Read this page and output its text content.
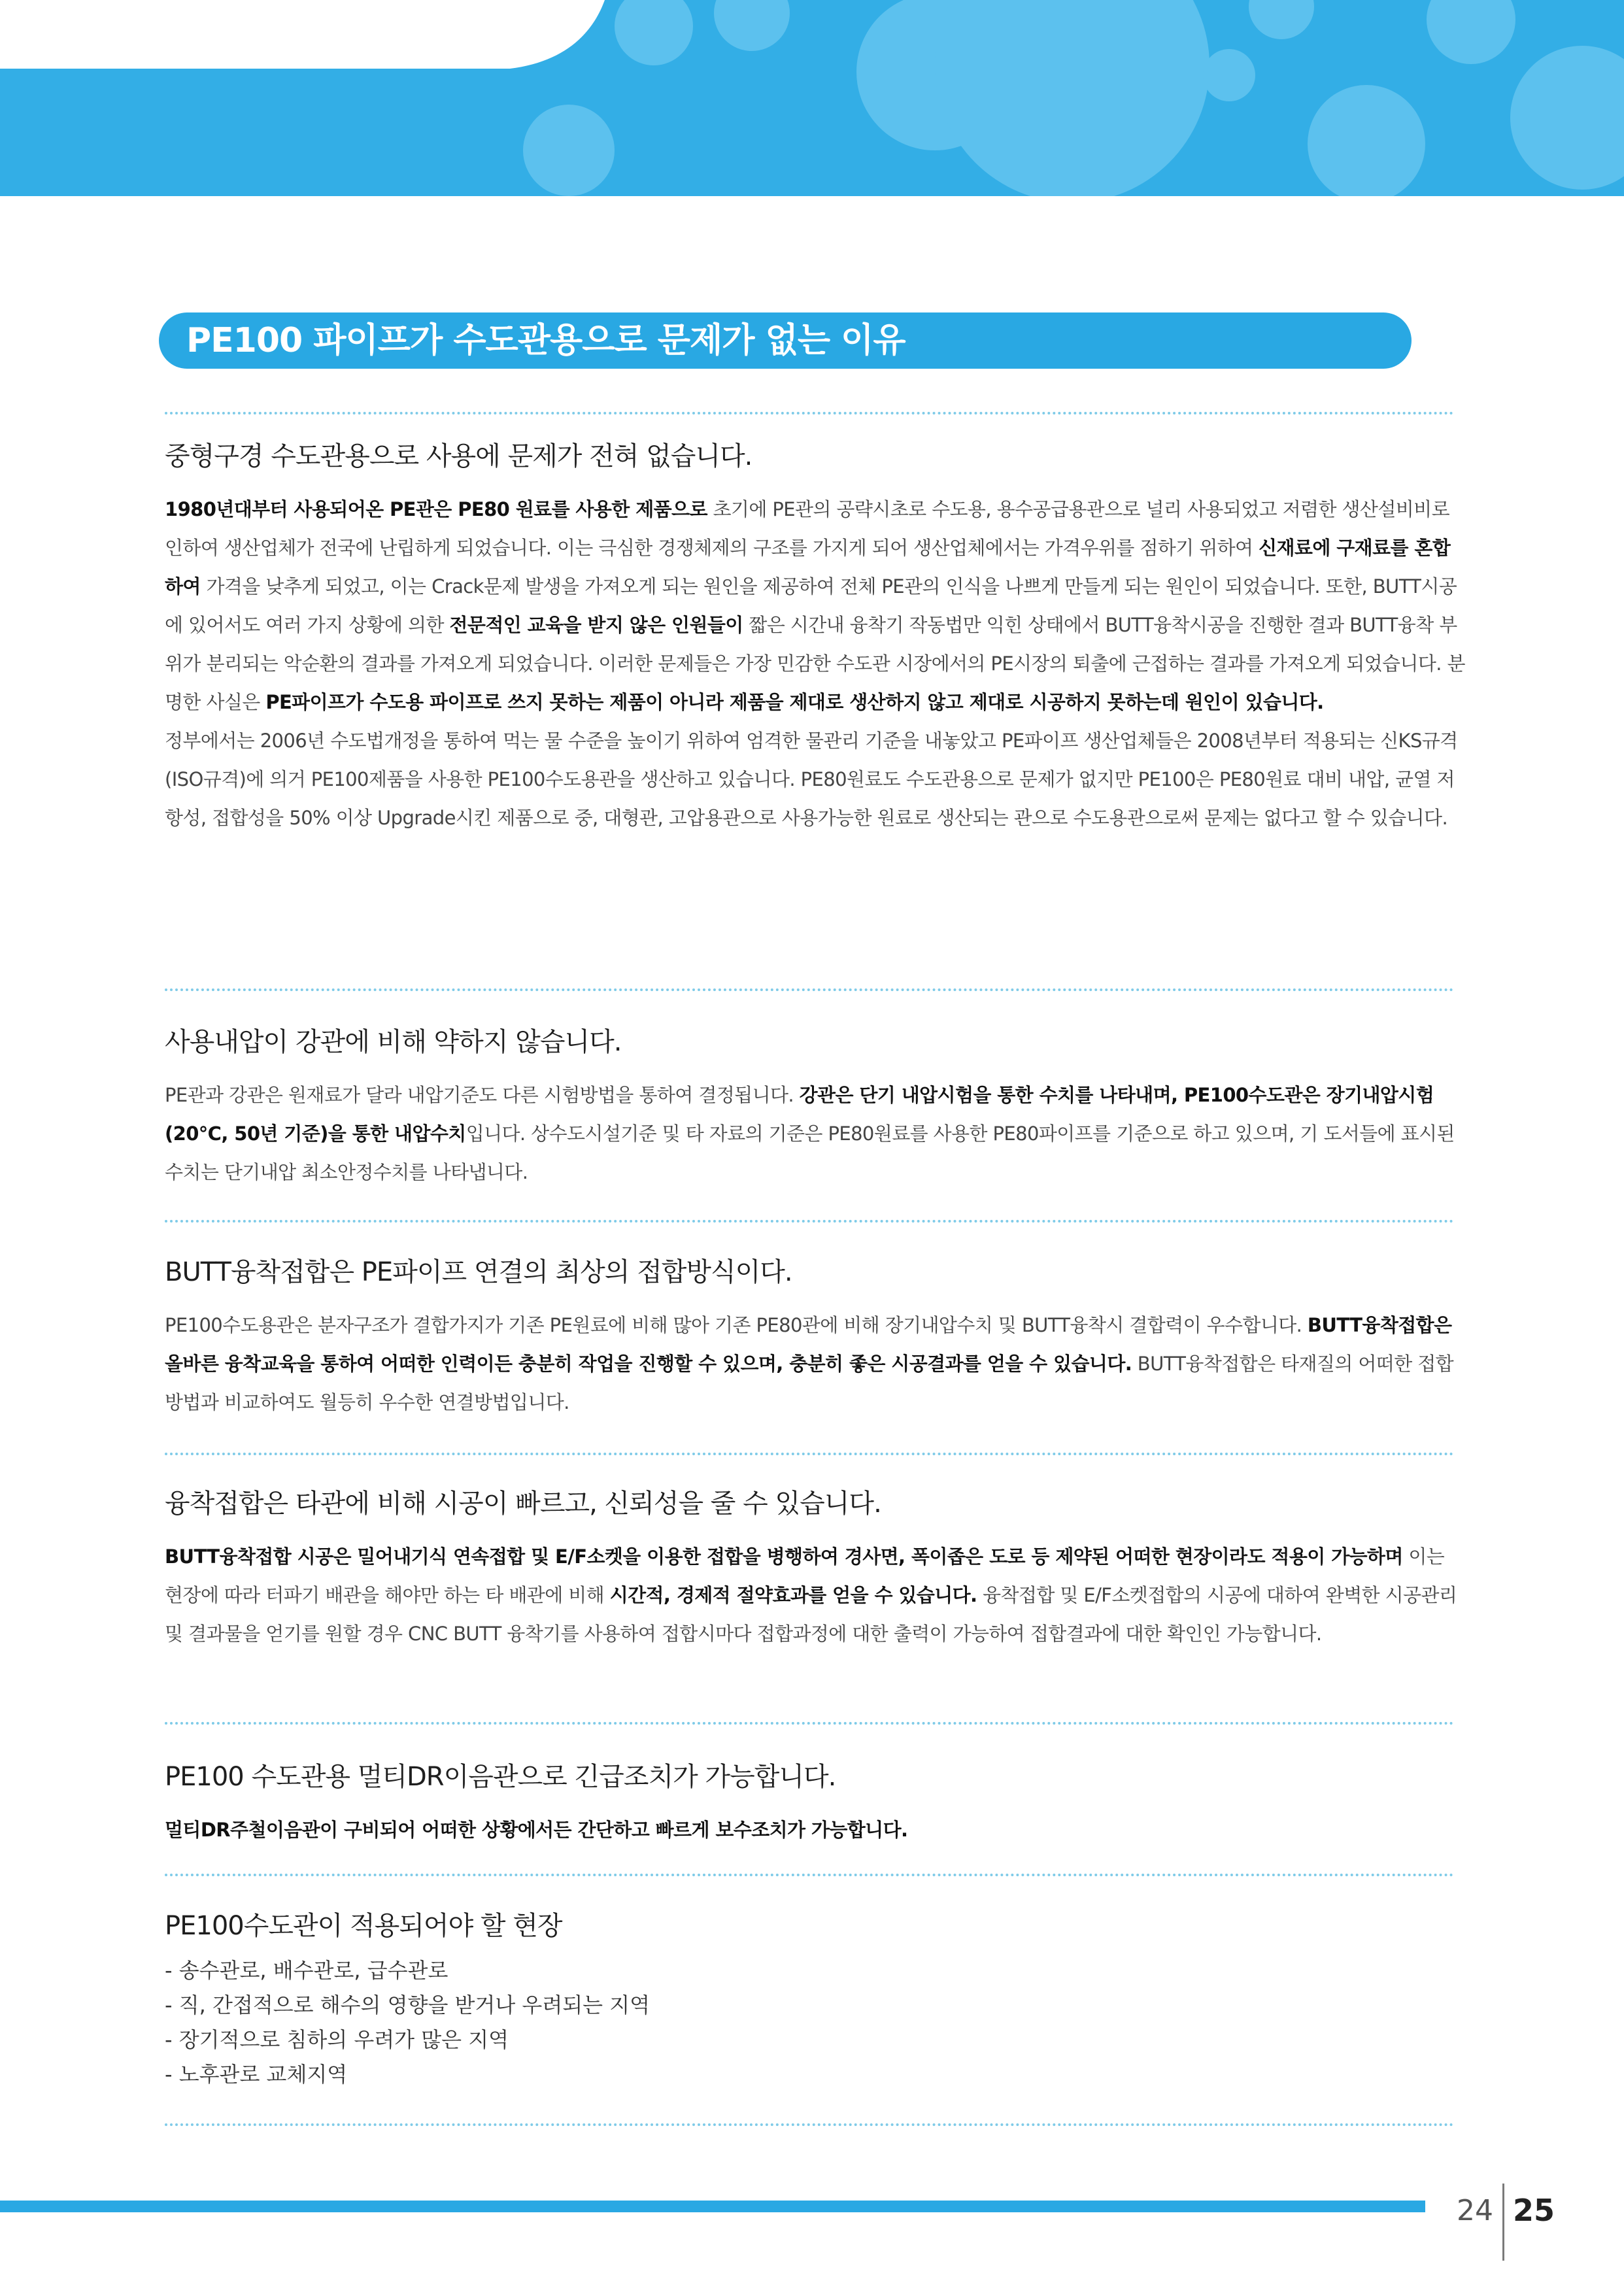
PE100 파이프가 수도관용으로 문제가 없는 이유
중형구경 수도관용으로 사용에 문제가 전혀 없습니다.

1980년대부터 사용되어온 PE관은 PE80 원료를 사용한 제품으로 초기에 PE관의 공략시초로 수도용, 용수공급용관으로 널리 사용되었고 저렴한 생산설비비로 인하여 생산업체가 전국에 난립하게 되었습니다. 이는 극심한 경쟁체제의 구조를 가지게 되어 생산업체에서는 가격우위를 점하기 위하여 신재료에 구재료를 혼합하여 가격을 낮추게 되었고, 이는 Crack문제 발생을 가져오게 되는 원인을 제공하여 전체 PE관의 인식을 나쁘게 만들게 되는 원인이 되었습니다. 또한, BUTT시공에 있어서도 여러 가지 상황에 의한 전문적인 교육을 받지 않은 인원들이 짧은 시간내 융착기 작동법만 익힌 상태에서 BUTT융착시공을 진행한 결과 BUTT융착 부위가 분리되는 악순환의 결과를 가져오게 되었습니다. 이러한 문제들은 가장 민감한 수도관 시장에서의 PE시장의 퇴출에 근접하는 결과를 가져오게 되었습니다. 분명한 사실은 PE파이프가 수도용 파이프로 쓰지 못하는 제품이 아니라 제품을 제대로 생산하지 않고 제대로 시공하지 못하는데 원인이 있습니다.

정부에서는 2006년 수도법개정을 통하여 먹는 물 수준을 높이기 위하여 엄격한 물관리 기준을 내놓았고 PE파이프 생산업체들은 2008년부터 적용되는 신KS규격(ISO규격)에 의거 PE100제품을 사용한 PE100수도용관을 생산하고 있습니다. PE80원료도 수도관용으로 문제가 없지만 PE100은 PE80원료 대비 내압, 균열 저항성, 접합성을 50% 이상 Upgrade시킨 제품으로 중, 대형관, 고압용관으로 사용가능한 원료로 생산되는 관으로 수도용관으로써 문제는 없다고 할 수 있습니다.

사용내압이 강관에 비해 약하지 않습니다.

PE관과 강관은 원재료가 달라 내압기준도 다른 시험방법을 통하여 결정됩니다. 강관은 단기 내압시험을 통한 수치를 나타내며, PE100수도관은 장기내압시험(20℃, 50년 기준)을 통한 내압수치입니다. 상수도시설기준 및 타 자료의 기준은 PE80원료를 사용한 PE80파이프를 기준으로 하고 있으며, 기 도서들에 표시된 수치는 단기내압 최소안정수치를 나타냅니다.

BUTT융착접합은 PE파이프 연결의 최상의 접합방식이다.

PE100수도용관은 분자구조가 결합가지가 기존 PE원료에 비해 많아 기존 PE80관에 비해 장기내압수치 및 BUTT융착시 결합력이 우수합니다. BUTT융착접합은 올바른 융착교육을 통하여 어떠한 인력이든 충분히 작업을 진행할 수 있으며, 충분히 좋은 시공결과를 얻을 수 있습니다. BUTT융착접합은 타재질의 어떠한 접합방법과 비교하여도 월등히 우수한 연결방법입니다.

융착접합은 타관에 비해 시공이 빠르고, 신뢰성을 줄 수 있습니다.

BUTT융착접합 시공은 밀어내기식 연속접합 및 E/F소켓을 이용한 접합을 병행하여 경사면, 폭이좁은 도로 등 제약된 어떠한 현장이라도 적용이 가능하며 이는 현장에 따라 터파기 배관을 해야만 하는 타 배관에 비해 시간적, 경제적 절약효과를 얻을 수 있습니다. 융착접합 및 E/F소켓접합의 시공에 대하여 완벽한 시공관리 및 결과물을 얻기를 원할 경우 CNC BUTT 융착기를 사용하여 접합시마다 접합과정에 대한 출력이 가능하여 접합결과에 대한 확인인 가능합니다.

PE100 수도관용 멀티DR이음관으로 긴급조치가 가능합니다.

멀티DR주철이음관이 구비되어 어떠한 상황에서든 간단하고 빠르게 보수조치가 가능합니다.

PE100수도관이 적용되어야 할 현장
- 송수관로, 배수관로, 급수관로
- 직, 간접적으로 해수의 영향을 받거나 우려되는 지역
- 장기적으로 침하의 우려가 많은 지역
- 노후관로 교체지역
24 25
